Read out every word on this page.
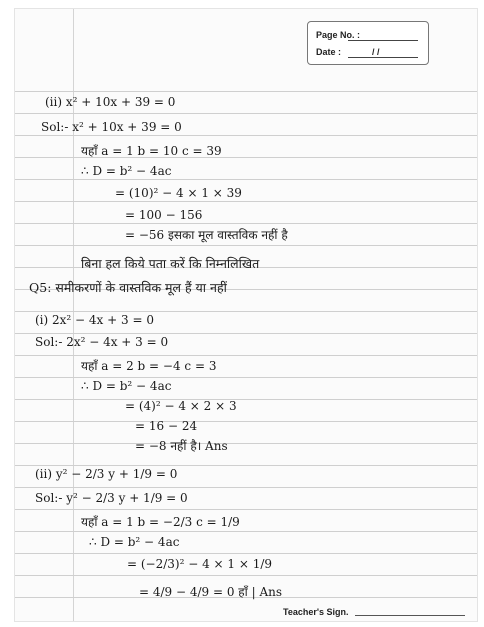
Page No. :
Date :	/ /
(ii) x² + 10x + 39 = 0
Sol:- x² + 10x + 39 = 0
यहाँ a = 1 b = 10 c = 39
∴ D = b² − 4ac
= (10)² − 4 × 1 × 39
= 100 − 156
= −56 इसका मूल वास्तविक नहीं है
बिना हल किये पता करें कि निम्नलिखित
Q5: समीकरणों के वास्तविक मूल हैं या नहीं
(i) 2x² − 4x + 3 = 0
Sol:- 2x² − 4x + 3 = 0
यहाँ a = 2 b = −4 c = 3
∴ D = b² − 4ac
= (4)² − 4 × 2 × 3
= 16 − 24
= −8 नहीं है। Ans
(ii) y² − 2/3 y + 1/9 = 0
Sol:- y² − 2/3 y + 1/9 = 0
यहाँ a = 1 b = −2/3 c = 1/9
∴ D = b² − 4ac
= (−2/3)² − 4 × 1 × 1/9
= 4/9 − 4/9 = 0 हाँ | Ans
Teacher's Sign.
